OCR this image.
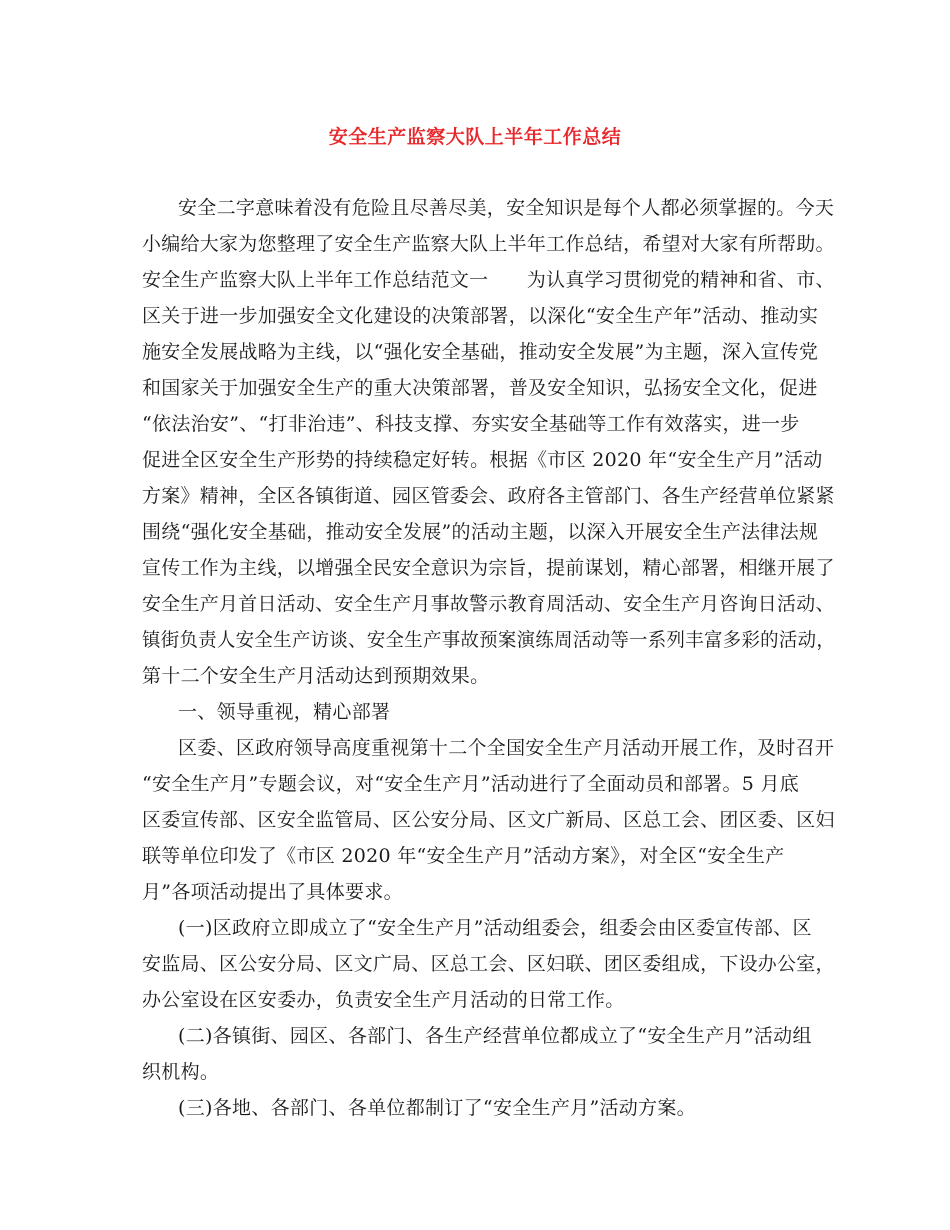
安全生产监察大队上半年工作总结
安全二字意味着没有危险且尽善尽美，安全知识是每个人都必须掌握的。今天
小编给大家为您整理了安全生产监察大队上半年工作总结，希望对大家有所帮助。
安全生产监察大队上半年工作总结范文一　　为认真学习贯彻党的精神和省、市、
区关于进一步加强安全文化建设的决策部署，以深化“安全生产年”活动、推动实
施安全发展战略为主线，以“强化安全基础，推动安全发展”为主题，深入宣传党
和国家关于加强安全生产的重大决策部署，普及安全知识，弘扬安全文化，促进
“依法治安”、“打非治违”、科技支撑、夯实安全基础等工作有效落实，进一步
促进全区安全生产形势的持续稳定好转。根据《市区 2020 年“安全生产月”活动
方案》精神，全区各镇街道、园区管委会、政府各主管部门、各生产经营单位紧紧
围绕“强化安全基础，推动安全发展”的活动主题，以深入开展安全生产法律法规
宣传工作为主线，以增强全民安全意识为宗旨，提前谋划，精心部署，相继开展了
安全生产月首日活动、安全生产月事故警示教育周活动、安全生产月咨询日活动、
镇街负责人安全生产访谈、安全生产事故预案演练周活动等一系列丰富多彩的活动，
第十二个安全生产月活动达到预期效果。
一、领导重视，精心部署
区委、区政府领导高度重视第十二个全国安全生产月活动开展工作，及时召开
“安全生产月”专题会议，对“安全生产月”活动进行了全面动员和部署。5 月底
区委宣传部、区安全监管局、区公安分局、区文广新局、区总工会、团区委、区妇
联等单位印发了《市区 2020 年“安全生产月”活动方案》，对全区“安全生产
月”各项活动提出了具体要求。
(一)区政府立即成立了“安全生产月”活动组委会，组委会由区委宣传部、区
安监局、区公安分局、区文广局、区总工会、区妇联、团区委组成，下设办公室，
办公室设在区安委办，负责安全生产月活动的日常工作。
(二)各镇街、园区、各部门、各生产经营单位都成立了“安全生产月”活动组
织机构。
(三)各地、各部门、各单位都制订了“安全生产月”活动方案。
